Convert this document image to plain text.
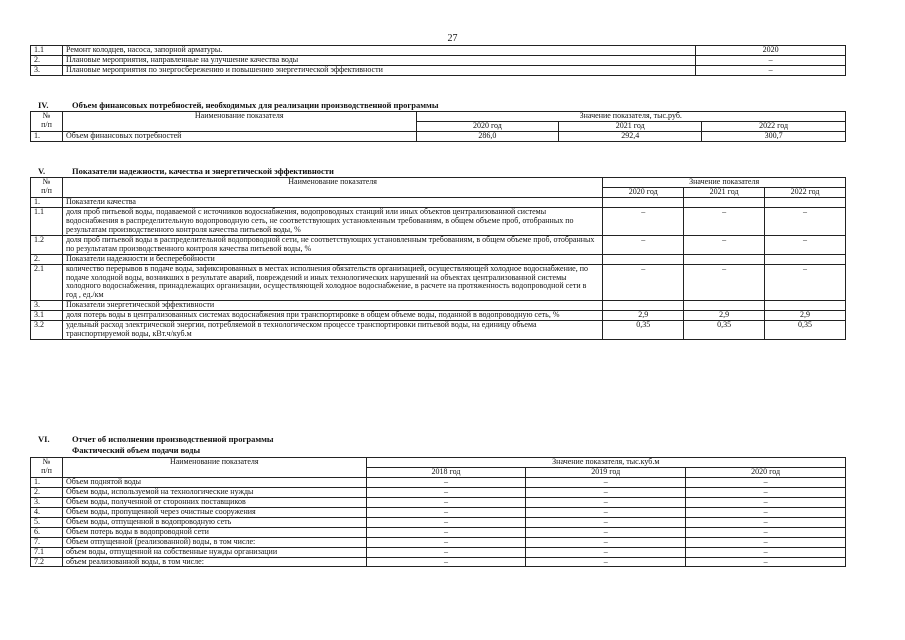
27
1.1	Ремонт колодцев, насоса, запорной арматуры.	2020
2.	Плановые мероприятия, направленные на улучшение качества воды	–
3.	Плановые мероприятия по энергосбережению и повышению энергетической эффективности	–
IV.	Объем финансовых потребностей, необходимых для реализации производственной программы
№	Наименование показателя	Значение показателя, тыс.руб.		
п/п		2020 год	2021 год	2022 год
1.	Объем финансовых потребностей	286,0	292,4	300,7
V.	Показатели надежности, качества и энергетической эффективности
№	Наименование показателя	Значение показателя		
п/п		2020 год	2021 год	2022 год
1.	Показатели качества			
1.1	доля проб питьевой воды, подаваемой с источников водоснабжения, водопроводных станций или иных объектов централизованной системы водоснабжения в распределительную водопроводную сеть, не соответствующих установленным требованиям, в общем объеме проб, отобранных по результатам производственного контроля качества питьевой воды, %	–	–	–
1.2	доля проб питьевой воды в распределительной водопроводной сети, не соответствующих установленным требованиям, в общем объеме проб, отобранных по результатам производственного контроля качества питьевой воды, %	–	–	–
2.	Показатели надежности и бесперебойности			
2.1	количество перерывов в подаче воды, зафиксированных в местах исполнения обязательств организацией, осуществляющей холодное водоснабжение, по подаче холодной воды, возникших в результате аварий, повреждений и иных технологических нарушений на объектах централизованной системы холодного водоснабжения, принадлежащих организации, осуществляющей холодное водоснабжение, в расчете на протяженность водопроводной сети в год , ед./км	–	–	–
3.	Показатели энергетической эффективности			
3.1	доля потерь воды в централизованных системах водоснабжения при транспортировке в общем объеме воды, поданной в водопроводную сеть, %	2,9	2,9	2,9
3.2	удельный расход электрической энергии, потребляемой в технологическом процессе транспортировки питьевой воды, на единицу объема транспортируемой воды, кВт.ч/куб.м	0,35	0,35	0,35
VI.	Отчет об исполнении производственной программы
Фактический объем подачи воды
№	Наименование показателя	Значение показателя, тыс.куб.м		
п/п		2018 год	2019 год	2020 год
1.	Объем поднятой воды	–	–	–
2.	Объем воды, используемой на технологические нужды	–	–	–
3.	Объем воды, полученной от сторонних поставщиков	–	–	–
4.	Объем воды, пропущенной через очистные сооружения	–	–	–
5.	Объем воды, отпущенной в водопроводную сеть	–	–	–
6.	Объем потерь воды в водопроводной сети	–	–	–
7.	Объем отпущенной (реализованной) воды, в том числе:	–	–	–
7.1	объем воды, отпущенной на собственные нужды организации	–	–	–
7.2	объем реализованной воды, в том числе:	–	–	–
